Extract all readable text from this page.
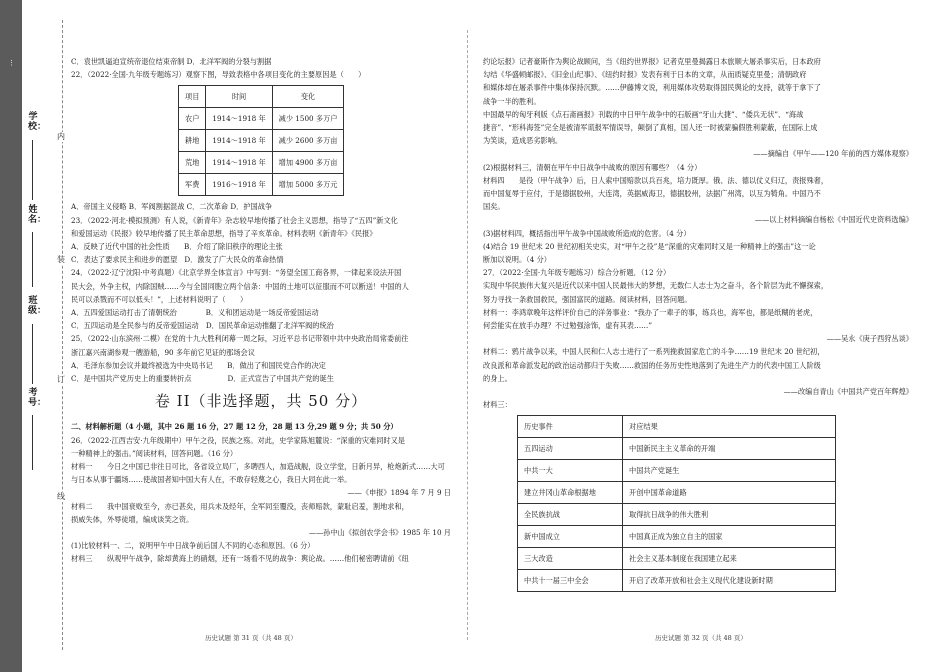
⋮
学校：
姓名：
班级：
考号：
内
装
订
线

C．袁世凯逼迫宣统帝退位结束帝制 D．北洋军阀的分裂与割据

22．（2022·全国·九年级专题练习）观察下图，导致表格中各项目变化的主要原因是（　　）

项目	时间	变化
农户	1914～1918 年	减少 1500 多万户
耕地	1914～1918 年	减少 2600 多万亩
荒地	1914～1918 年	增加 4900 多万亩
军费	1916～1918 年	增加 5000 多万元

A．帝国主义侵略 B．军阀割据混战 C．二次革命 D．护国战争

23．（2022·河北·模拟预测）有人说，《新青年》杂志较早地传播了社会主义思想，指导了“五四”新文化

和爱国运动《民报》较早地传播了民主革命思想，指导了辛亥革命。材料表明《新青年》《民报》

A．反映了近代中国的社会性质　　B．介绍了除旧秩序的理论主张

C．表达了要求民主和进步的愿望　D．激发了广大民众的革命热情

24．（2022·辽宁沈阳·中考真题）《北京学界全体宣言》中写到：“务望全国工商各界，一律起来设法开国

民大会，外争主权，内除国贼……今与全国同胞立两个信条：中国的土地可以征服而不可以断送！中国的人

民可以杀戮而不可以低头！”，上述材料说明了（　　）

A．五四爱国运动打击了清朝统治　　　　B．义和团运动是一场反帝爱国运动

C．五四运动是全民参与的反帝爱国运动　D．国民革命运动推翻了北洋军阀的统治

25．（2022·山东滨州·二模）在党的十九大胜利闭幕一周之际，习近平总书记带领中共中央政治局常委前往

浙江嘉兴南湖参观一艘游船，90 多年前它见证的那场会议

A．毛泽东参加会议并最终被选为中央局书记　　B．做出了和国民党合作的决定

C．是中国共产党历史上的重要转折点　　　　　D．正式宣告了中国共产党的诞生

卷 II（非选择题，共 50 分）

二、材料解析题（4 小题，其中 26 题 16 分，27 题 12 分，28 题 13 分,29 题 9 分；共 50 分）

26．（2022·江西吉安·九年级期中）甲午之役，民族之殇。对此，史学家陈旭麓说：“深重的灾难同时又是

一种精神上的强击。”阅读材料，回答问题。（16 分）

材料一　　今日之中国已非往日可比，各省设立局厂，多聘西人，加造战舰，设立学堂，日新月异，枪炮新式……大可

与日本从事于疆场……使战国者知中国大有人在，不敢存轻蔑之心，我日大同在此一举。

——《申报》1894 年 7 月 9 日

材料二　　我中国衰败至今，亦已甚矣，用兵未及经年，全军同至覆没，丧师赔款，蒙耻启羞，割地求和，

损威失体，外辱徒增，编成谈笑之资。

——孙中山《拟创农学会书》1985 年 10 月

(1)比较材料一、二，说明甲午中日战争前后国人不同的心态和原因。（6 分）

材料三　　纵观甲午战争，除却黄海上的硝烟，还有一场看不见的战争：舆论战。……他们秘密聘请前《纽

约论坛报》记者豪斯作为舆论战顾问，当《纽约世界报》记者克里曼揭露日本旅顺大屠杀事实后，日本政府

勾结《华盛顿邮报》、《旧金山纪事》、《纽约时报》发表有利于日本的文章，从而质疑克里曼；清朝政府

和媒体却在屠杀事件中集体保持沉默。……伊藤博文说，利用媒体攻势取得国民舆论的支持，就等于拿下了

战争一半的胜利。

中国最早的匈牙利版《点石斋画报》刊载的中日甲午战争中的石版画“牙山大捷”、“倭兵无状”、“海战

捷音”、“形科海签”完全是被清军谎报军情误导，颠倒了真相，国人还一时被蒙骗假胜利蒙蔽，在国际上成

为笑谈，造成恶劣影响。

——摘编自《甲午——120 年前的西方媒体观察》

(2)根据材料三，清朝在甲午中日战争中战败的原因有哪些？（4 分）

材料四　　是役（甲午战争）后，日人索中国赔款以兵百兆，培力既厚。俄、法、德以仗义归辽，责报殊奢，

而中国复辱于应付，于是德据胶州，大连湾，英据威海卫，德据胶州，法据广州湾，以互为犄角。中国乃不

国矣。

——以上材料摘编自杨松《中国近代史资料选编》

(3)据材料四，概括指出甲午战争中国战败所造成的危害。（4 分）

(4)结合 19 世纪末 20 世纪初相关史实，对“甲午之役”是“深重的灾难同时又是一种精神上的强击”这一论

断加以说明。（4 分）

27．（2022·全国·九年级专题练习）综合分析题．（12 分）

实现中华民族伟大复兴是近代以来中国人民最伟大的梦想，无数仁人志士为之奋斗，各个阶层为此不懈探索，

努力寻找一条救国救民，强国富民的道路。阅读材料，回答问题。

材料一：李鸿章晚年这样评价自己的洋务事业：“我办了一辈子的事，练兵也，海军也，都是纸糊的老虎，

何尝能实在放手办理？不过勉强涂饰，虚有其表……”

——吴永《庚子西狩丛谈》

材料二：鸦片战争以来，中国人民和仁人志士进行了一系列挽救国家危亡的斗争……19 世纪末 20 世纪初，

改良派和革命派发起的政治运动都归于失败……救国的任务历史性地落到了先进生产力的代表中国工人阶级

的身上。

——改编自青山《中国共产党百年辉煌》

材料三：

历史事件	对应结果
五四运动	中国新民主主义革命的开端
中共一大	中国共产党诞生
建立井冈山革命根据地	开创中国革命道路
全民族抗战	取得抗日战争的伟大胜利
新中国成立	中国真正成为独立自主的国家
三大改造	社会主义基本制度在我国建立起来
中共十一届三中全会	开启了改革开放和社会主义现代化建设新时期
历史试题 第 31 页（共 48 页）	历史试题 第 32 页（共 48 页）
